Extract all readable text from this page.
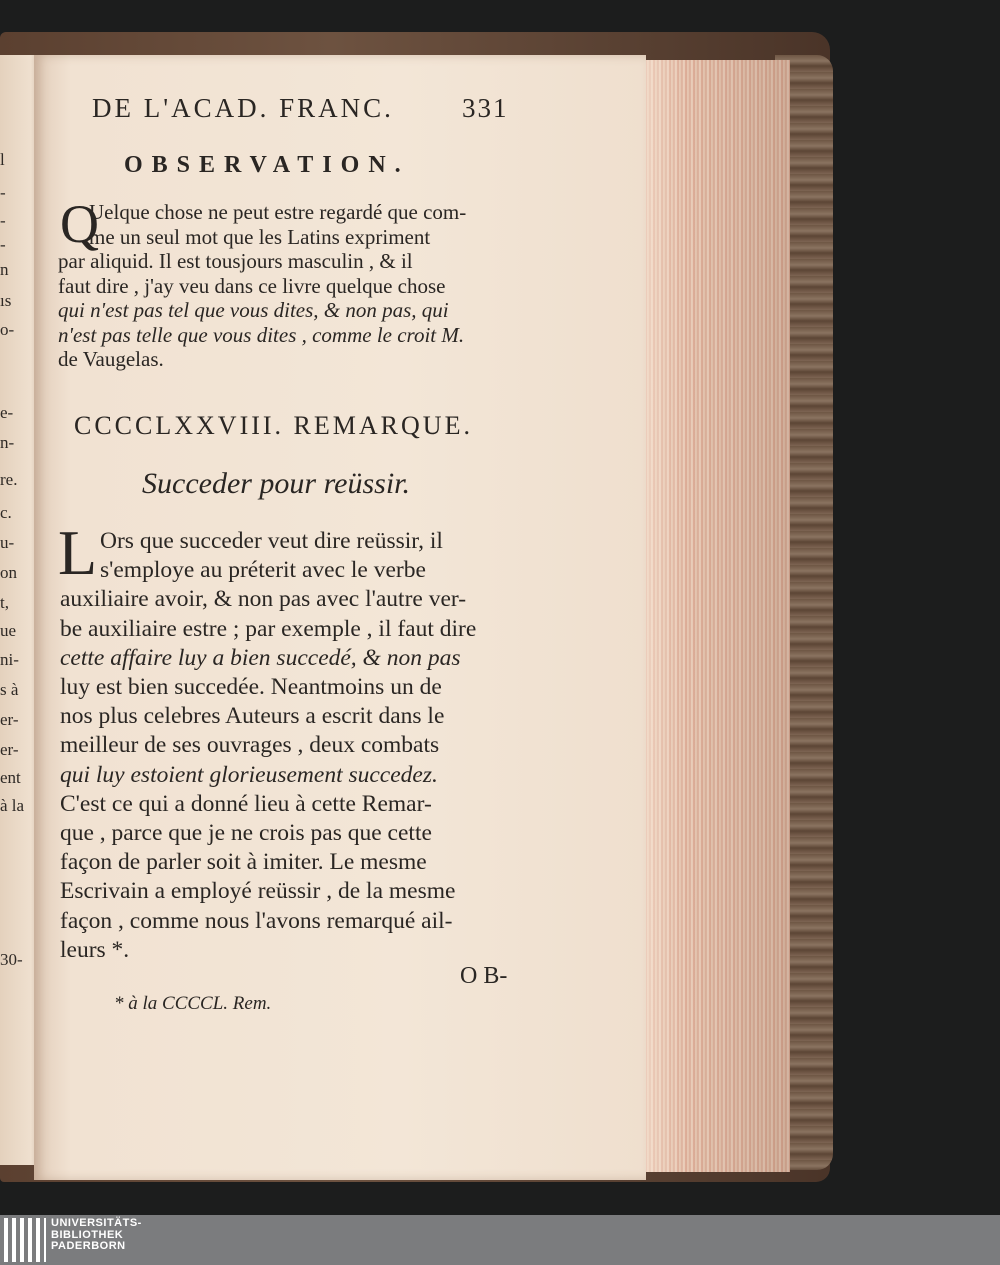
l
-
-
-
n
ıs
o-
e-
n-
re.
c.
u-
on
t,
ue
ni-
s à
er-
er-
ent
à la
30-
DE L'ACAD. FRANC.	331
OBSERVATION.
Q
Uelque chose ne peut estre regardé que com-
me un seul mot que les Latins expriment
par aliquid. Il est tousjours masculin , & il
faut dire , j'ay veu dans ce livre quelque chose
qui n'est pas tel que vous dites, & non pas, qui
n'est pas telle que vous dites , comme le croit M.
de Vaugelas.
CCCCLXXVIII. REMARQUE.
Succeder pour reüssir.
L Ors que succeder veut dire reüssir, il
s'employe au préterit avec le verbe
auxiliaire avoir, & non pas avec l'autre ver-
be auxiliaire estre ; par exemple , il faut dire
cette affaire luy a bien succedé, & non pas
luy est bien succedée. Neantmoins un de
nos plus celebres Auteurs a escrit dans le
meilleur de ses ouvrages , deux combats
qui luy estoient glorieusement succedez.
C'est ce qui a donné lieu à cette Remar-
que , parce que je ne crois pas que cette
façon de parler soit à imiter. Le mesme
Escrivain a employé reüssir , de la mesme
façon , comme nous l'avons remarqué ail-
leurs *.
O B-
* à la CCCCL. Rem.
UNIVERSITÄTS-
BIBLIOTHEK
PADERBORN
